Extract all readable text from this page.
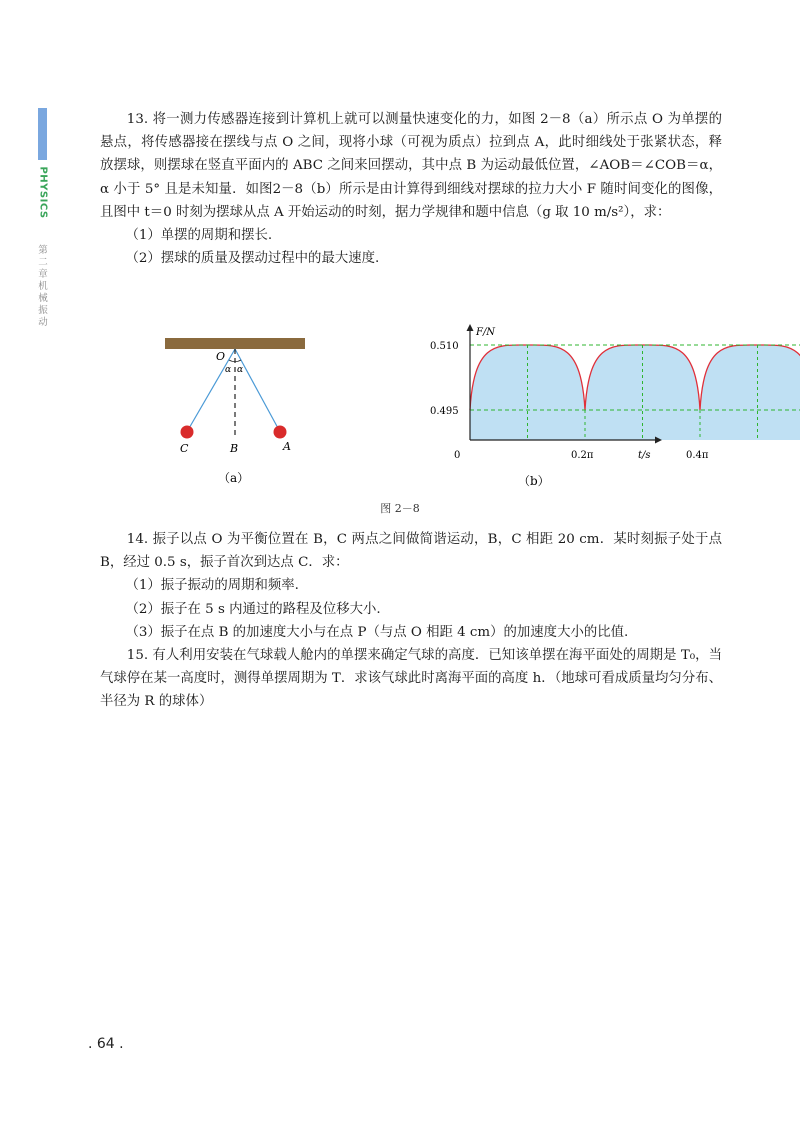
PHYSICS
第二章 机械振动

13. 将一测力传感器连接到计算机上就可以测量快速变化的力，如图 2－8（a）所示点 O 为单摆的悬点，将传感器接在摆线与点 O 之间，现将小球（可视为质点）拉到点 A，此时细线处于张紧状态，释放摆球，则摆球在竖直平面内的 ABC 之间来回摆动，其中点 B 为运动最低位置，∠AOB＝∠COB＝α，α 小于 5° 且是未知量．如图2－8（b）所示是由计算得到细线对摆球的拉力大小 F 随时间变化的图像，且图中 t＝0 时刻为摆球从点 A 开始运动的时刻，据力学规律和题中信息（g 取 10 m/s²），求：

（1）单摆的周期和摆长.

（2）摆球的质量及摆动过程中的最大速度.

O
α α
C	B	A
（a）
F/N
t/s
0.510
0.495
0	0.2π	0.4π
（b）
图 2－8

14. 振子以点 O 为平衡位置在 B，C 两点之间做简谐运动，B，C 相距 20 cm．某时刻振子处于点 B，经过 0.5 s，振子首次到达点 C．求：

（1）振子振动的周期和频率.

（2）振子在 5 s 内通过的路程及位移大小.

（3）振子在点 B 的加速度大小与在点 P（与点 O 相距 4 cm）的加速度大小的比值.

15. 有人利用安装在气球载人舱内的单摆来确定气球的高度．已知该单摆在海平面处的周期是 T₀，当气球停在某一高度时，测得单摆周期为 T．求该气球此时离海平面的高度 h．（地球可看成质量均匀分布、半径为 R 的球体）

. 64 .
